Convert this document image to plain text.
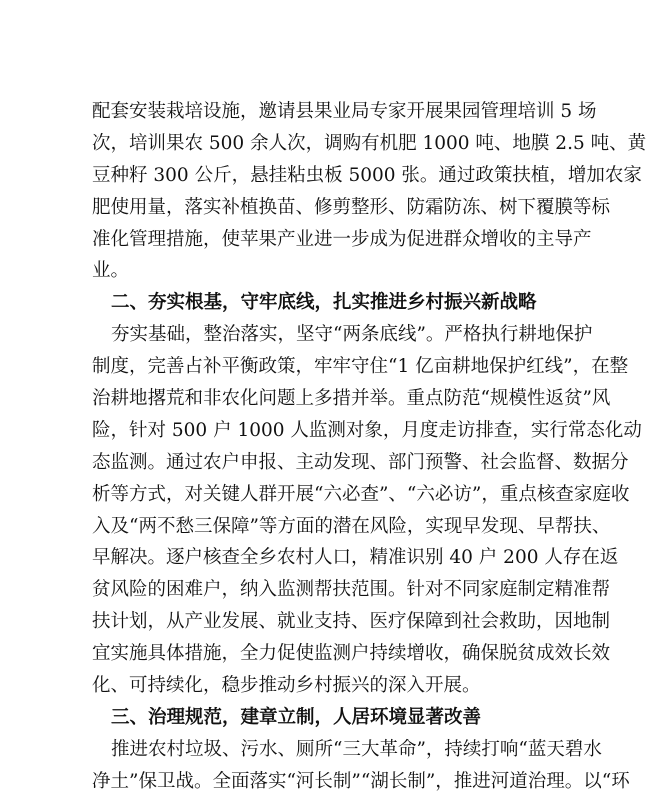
配套安装栽培设施，邀请县果业局专家开展果园管理培训 5 场
次，培训果农 500 余人次，调购有机肥 1000 吨、地膜 2.5 吨、黄
豆种籽 300 公斤，悬挂粘虫板 5000 张。通过政策扶植，增加农家
肥使用量，落实补植换苗、修剪整形、防霜防冻、树下覆膜等标
准化管理措施，使苹果产业进一步成为促进群众增收的主导产
业。
二、夯实根基，守牢底线，扎实推进乡村振兴新战略
夯实基础，整治落实，坚守“两条底线”。严格执行耕地保护
制度，完善占补平衡政策，牢牢守住“1 亿亩耕地保护红线”，在整
治耕地撂荒和非农化问题上多措并举。重点防范“规模性返贫”风
险，针对 500 户 1000 人监测对象，月度走访排查，实行常态化动
态监测。通过农户申报、主动发现、部门预警、社会监督、数据分
析等方式，对关键人群开展“六必查”、“六必访”，重点核查家庭收
入及“两不愁三保障”等方面的潜在风险，实现早发现、早帮扶、
早解决。逐户核查全乡农村人口，精准识别 40 户 200 人存在返
贫风险的困难户，纳入监测帮扶范围。针对不同家庭制定精准帮
扶计划，从产业发展、就业支持、医疗保障到社会救助，因地制
宜实施具体措施，全力促使监测户持续增收，确保脱贫成效长效
化、可持续化，稳步推动乡村振兴的深入开展。
三、治理规范，建章立制，人居环境显著改善
推进农村垃圾、污水、厕所“三大革命”，持续打响“蓝天碧水
净土”保卫战。全面落实“河长制”“湖长制”，推进河道治理。以“环
